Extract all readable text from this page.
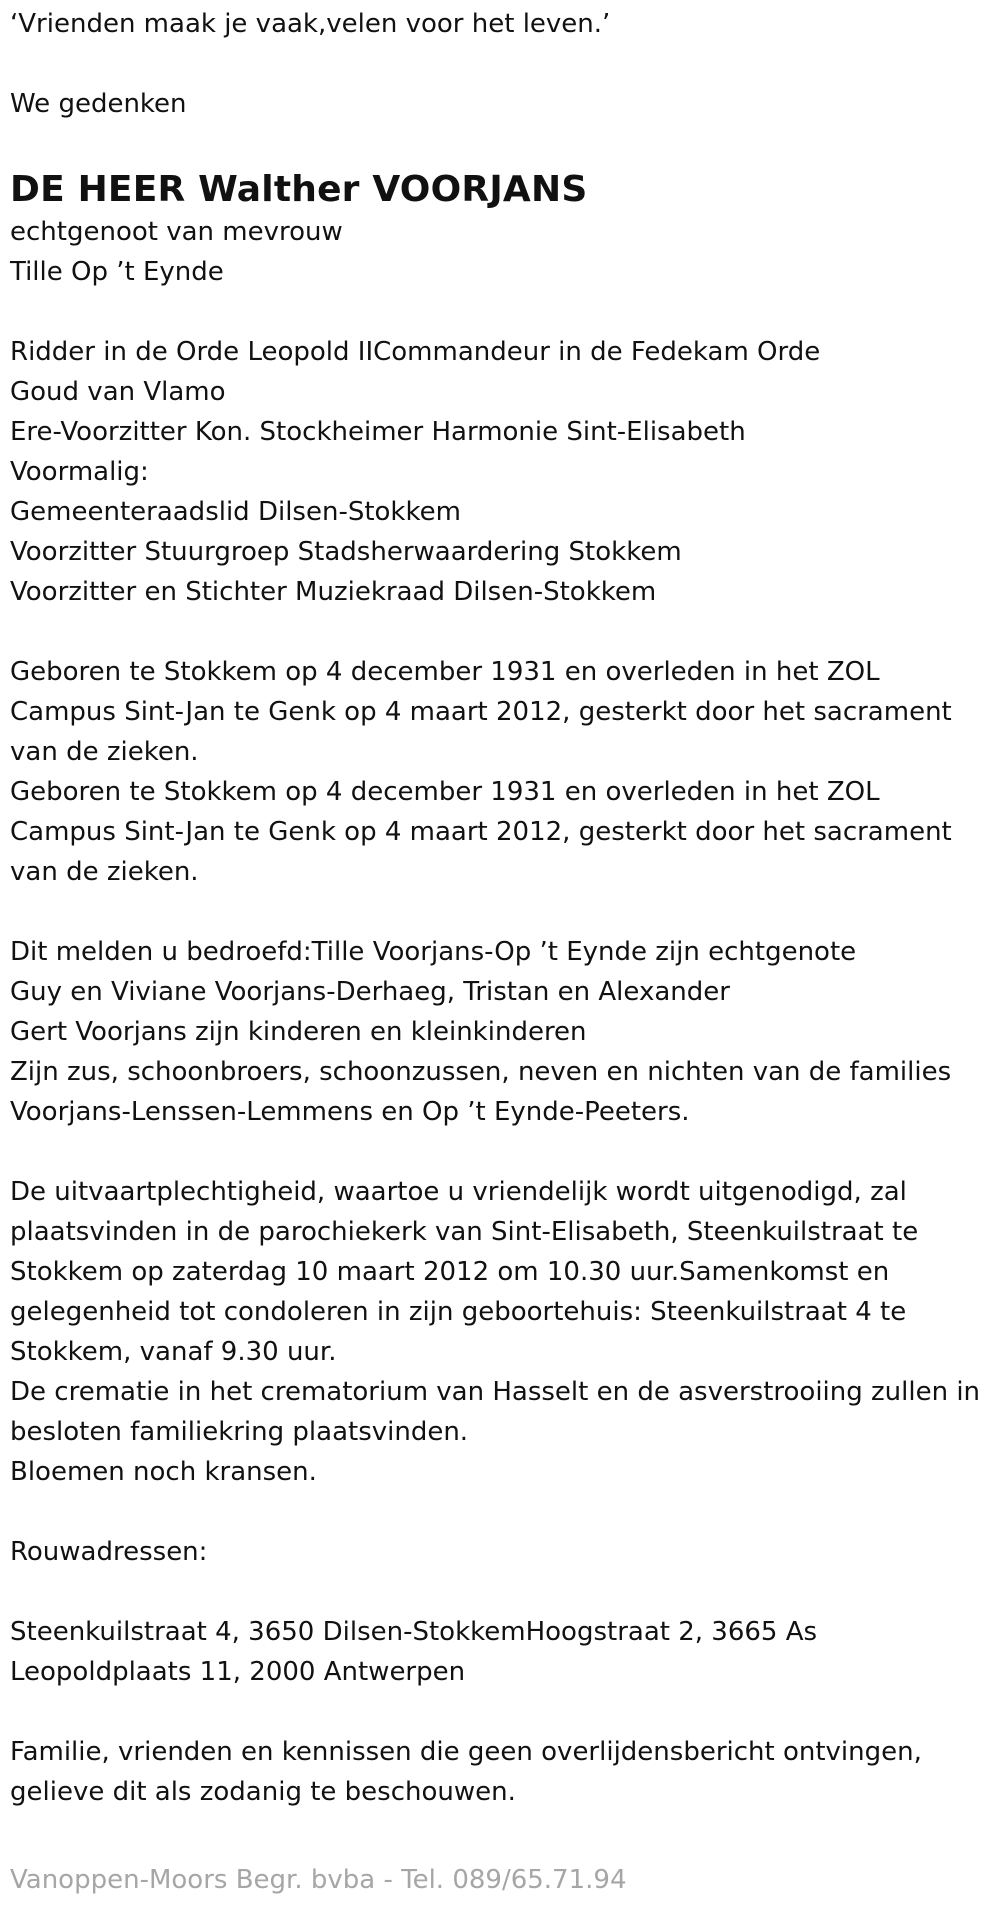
‘Vrienden maak je vaak,velen voor het leven.’

We gedenken

DE HEER Walther VOORJANS

echtgenoot van mevrouw

Tille Op ’t Eynde

Ridder in de Orde Leopold IICommandeur in de Fedekam Orde

Goud van Vlamo

Ere-Voorzitter Kon. Stockheimer Harmonie Sint-Elisabeth

Voormalig:

Gemeenteraadslid Dilsen-Stokkem

Voorzitter Stuurgroep Stadsherwaardering Stokkem

Voorzitter en Stichter Muziekraad Dilsen-Stokkem

Geboren te Stokkem op 4 december 1931 en overleden in het ZOL Campus Sint-Jan te Genk op 4 maart 2012, gesterkt door het sacrament van de zieken.

Geboren te Stokkem op 4 december 1931 en overleden in het ZOL Campus Sint-Jan te Genk op 4 maart 2012, gesterkt door het sacrament van de zieken.

Dit melden u bedroefd:Tille Voorjans-Op ’t Eynde zijn echtgenote

Guy en Viviane Voorjans-Derhaeg, Tristan en Alexander

Gert Voorjans zijn kinderen en kleinkinderen

Zijn zus, schoonbroers, schoonzussen, neven en nichten van de families

Voorjans-Lenssen-Lemmens en Op ’t Eynde-Peeters.

De uitvaartplechtigheid, waartoe u vriendelijk wordt uitgenodigd, zal plaatsvinden in de parochiekerk van Sint-Elisabeth, Steenkuilstraat te Stokkem op zaterdag 10 maart 2012 om 10.30 uur.Samenkomst en gelegenheid tot condoleren in zijn geboortehuis: Steenkuilstraat 4 te Stokkem, vanaf 9.30 uur.

De crematie in het crematorium van Hasselt en de asverstrooiing zullen in besloten familiekring plaatsvinden.

Bloemen noch kransen.

Rouwadressen:

Steenkuilstraat 4, 3650 Dilsen-StokkemHoogstraat 2, 3665 As

Leopoldplaats 11, 2000 Antwerpen

Familie, vrienden en kennissen die geen overlijdensbericht ontvingen, gelieve dit als zodanig te beschouwen.

Vanoppen-Moors Begr. bvba - Tel. 089/65.71.94
